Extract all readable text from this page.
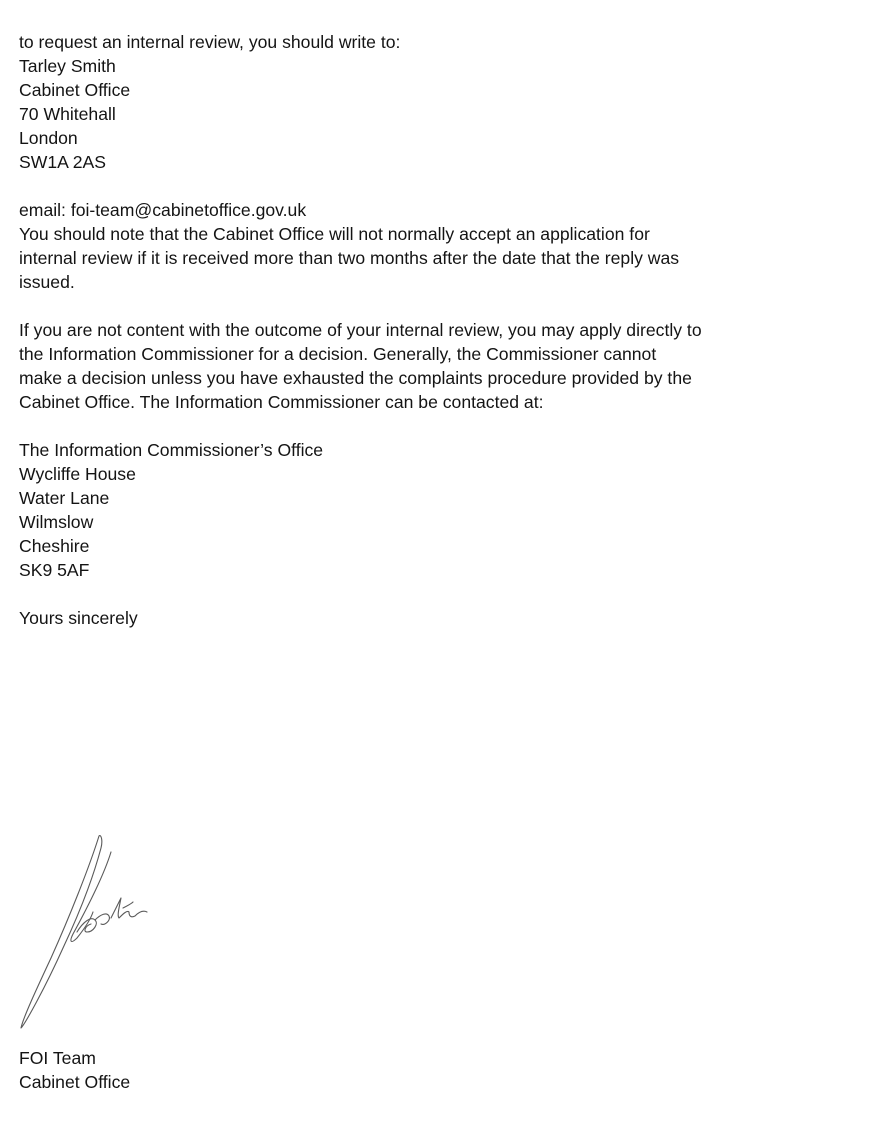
to request an internal review, you should write to:

Tarley Smith
Cabinet Office
70 Whitehall
London
SW1A 2AS

email: foi-team@cabinetoffice.gov.uk

You should note that the Cabinet Office will not normally accept an application for
internal review if it is received more than two months after the date that the reply was
issued.
If you are not content with the outcome of your internal review, you may apply directly to
the Information Commissioner for a decision. Generally, the Commissioner cannot
make a decision unless you have exhausted the complaints procedure provided by the
Cabinet Office. The Information Commissioner can be contacted at:
The Information Commissioner’s Office
Wycliffe House
Water Lane
Wilmslow
Cheshire
SK9 5AF

Yours sincerely

FOI Team
Cabinet Office
